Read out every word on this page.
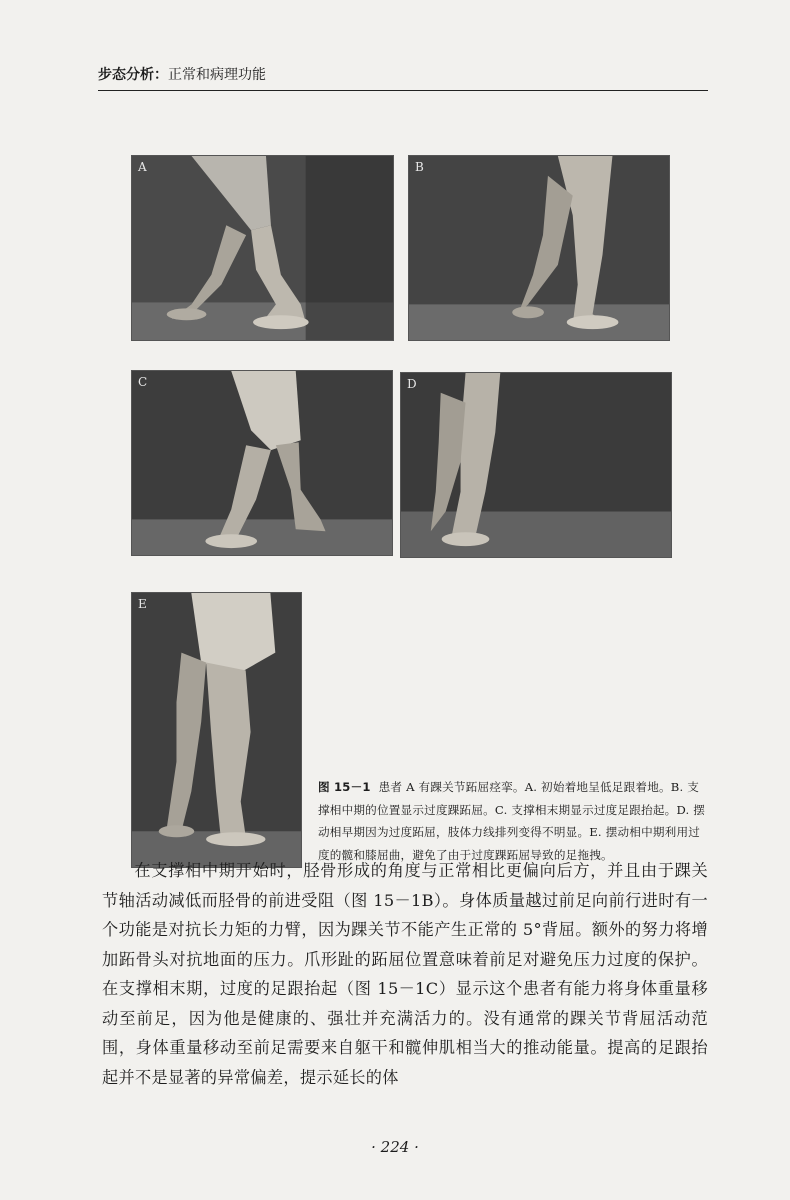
步态分析：正常和病理功能
A	B
C	D
E
图 15－1 患者 A 有踝关节跖屈痉挛。A. 初始着地呈低足跟着地。B. 支撑相中期的位置显示过度踝跖屈。C. 支撑相末期显示过度足跟抬起。D. 摆动相早期因为过度跖屈，肢体力线排列变得不明显。E. 摆动相中期利用过度的髋和膝屈曲，避免了由于过度踝跖屈导致的足拖拽。
在支撑相中期开始时，胫骨形成的角度与正常相比更偏向后方，并且由于踝关节轴活动减低而胫骨的前进受阻（图 15－1B）。身体质量越过前足向前行进时有一个功能是对抗长力矩的力臂，因为踝关节不能产生正常的 5°背屈。额外的努力将增加跖骨头对抗地面的压力。爪形趾的跖屈位置意味着前足对避免压力过度的保护。在支撑相末期，过度的足跟抬起（图 15－1C）显示这个患者有能力将身体重量移动至前足，因为他是健康的、强壮并充满活力的。没有通常的踝关节背屈活动范围，身体重量移动至前足需要来自躯干和髋伸肌相当大的推动能量。提高的足跟抬起并不是显著的异常偏差，提示延长的体
· 224 ·
